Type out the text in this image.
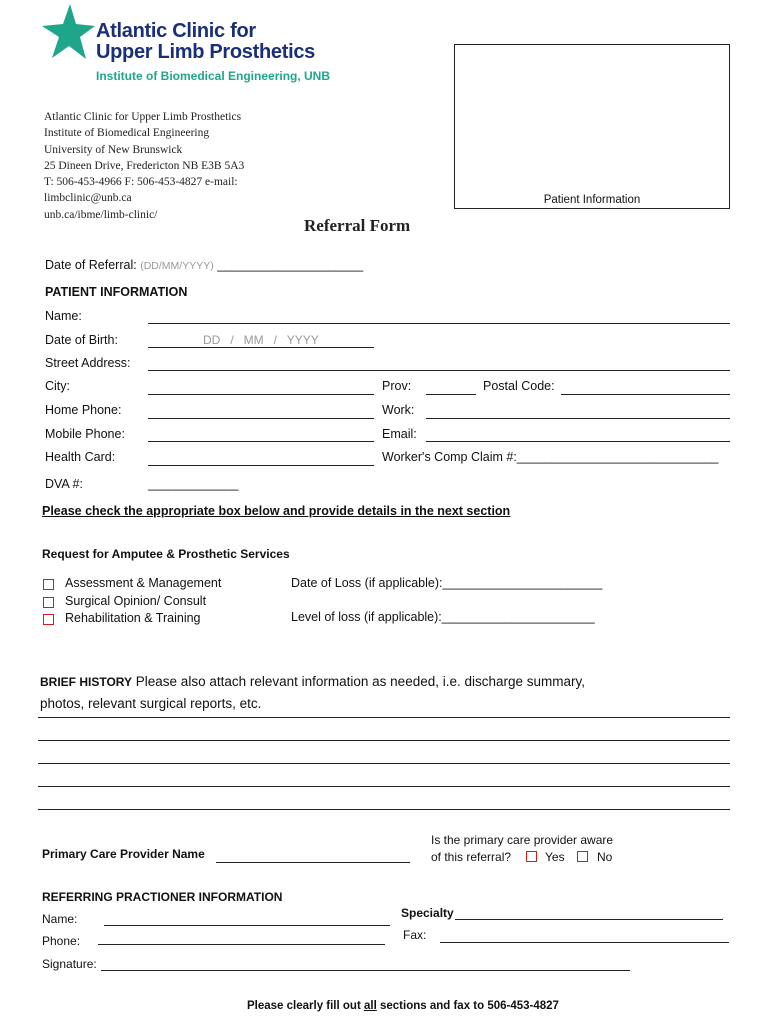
Atlantic Clinic for
Upper Limb Prosthetics
Institute of Biomedical Engineering, UNB
Atlantic Clinic for Upper Limb Prosthetics
Institute of Biomedical Engineering
University of New Brunswick
25 Dineen Drive, Fredericton NB E3B 5A3
T: 506-453-4966 F: 506-453-4827 e-mail:
limbclinic@unb.ca
unb.ca/ibme/limb-clinic/
Patient Information
Referral Form
Date of Referral: (DD/MM/YYYY) _____________________
PATIENT INFORMATION
Name:
Date of Birth:	DD   /   MM   /   YYYY
Street Address:
City:	Prov:	Postal Code:
Home Phone:	Work:
Mobile Phone:	Email:
Health Card:	Worker's Comp Claim #:_____________________________
DVA #:	_____________
Please check the appropriate box below and provide details in the next section
Request for Amputee & Prosthetic Services
Assessment & Management
Surgical Opinion/ Consult
Rehabilitation & Training
Date of Loss (if applicable):_______________________
Level of loss (if applicable):______________________
BRIEF HISTORY Please also attach relevant information as needed, i.e. discharge summary,
photos, relevant surgical reports, etc.
Primary Care Provider Name
Is the primary care provider aware
of this referral?	Yes	No
REFERRING PRACTIONER INFORMATION
Name:
Phone:
Signature:
Specialty
Fax:
Please clearly fill out all sections and fax to 506-453-4827
